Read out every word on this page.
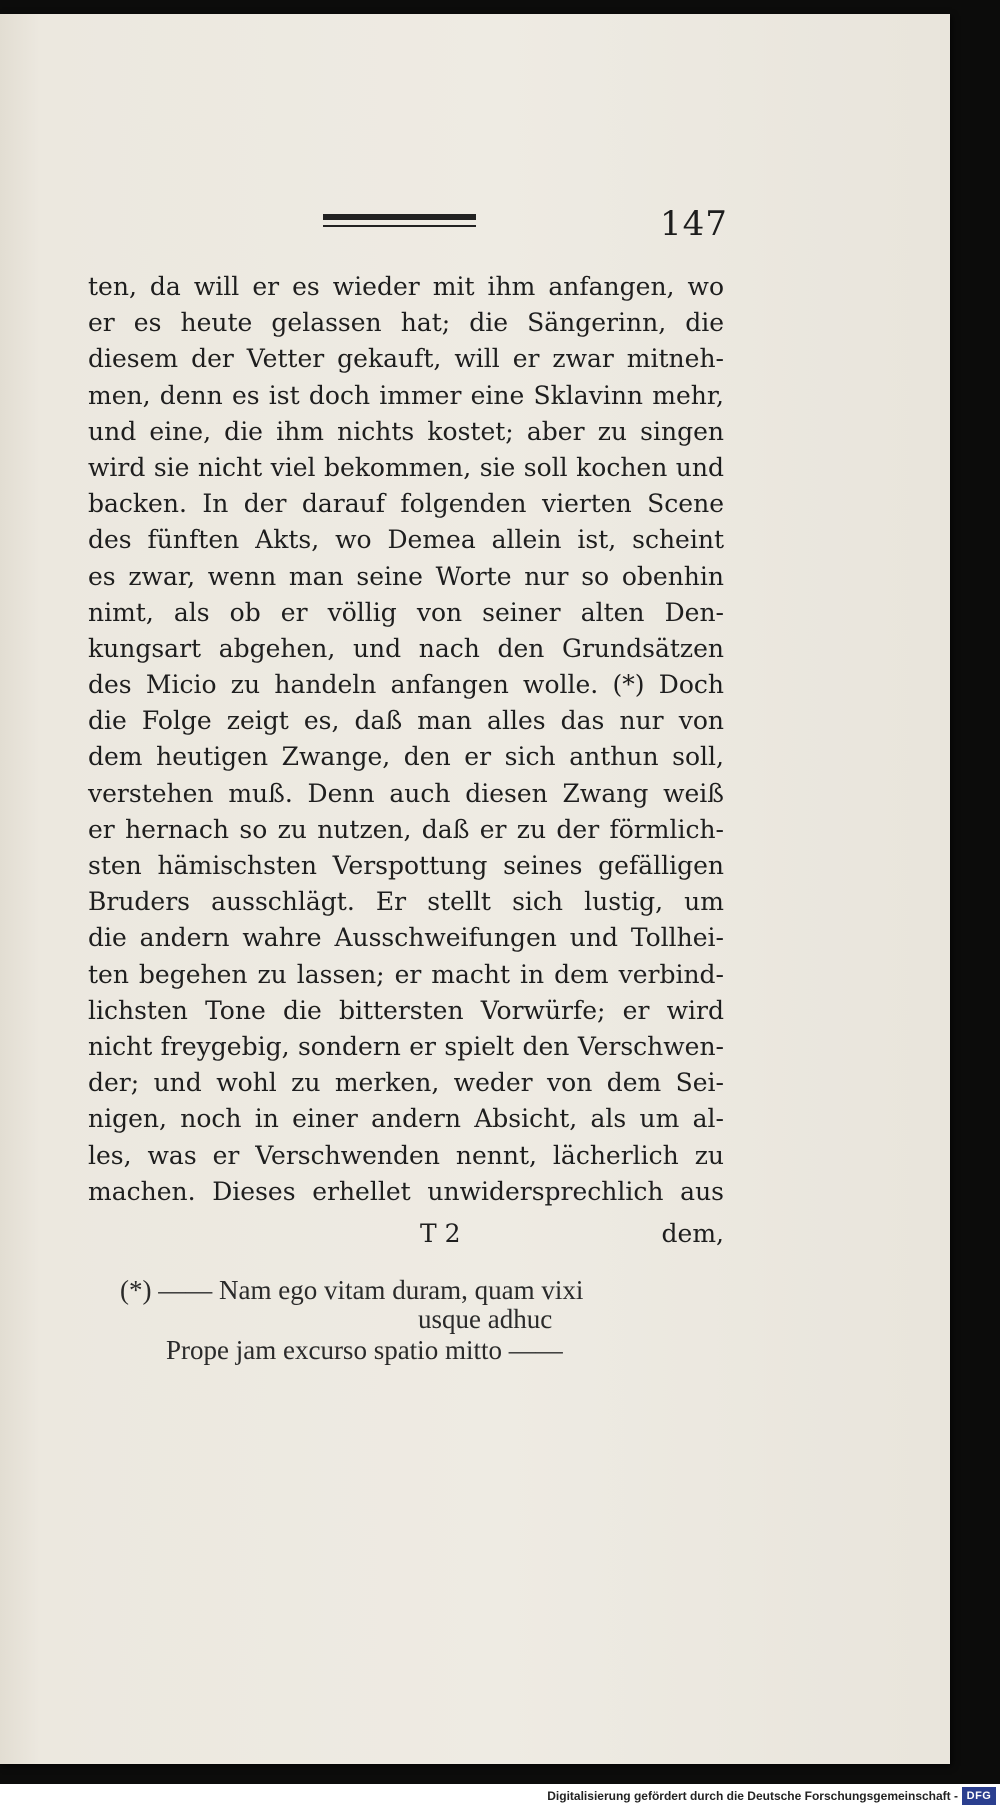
147
ten, da will er es wieder mit ihm anfangen, wo
er es heute gelassen hat; die Sängerinn, die
diesem der Vetter gekauft, will er zwar mitneh-
men, denn es ist doch immer eine Sklavinn mehr,
und eine, die ihm nichts kostet; aber zu singen
wird sie nicht viel bekommen, sie soll kochen und
backen. In der darauf folgenden vierten Scene
des fünften Akts, wo Demea allein ist, scheint
es zwar, wenn man seine Worte nur so obenhin
nimt, als ob er völlig von seiner alten Den-
kungsart abgehen, und nach den Grundsätzen
des Micio zu handeln anfangen wolle. (*) Doch
die Folge zeigt es, daß man alles das nur von
dem heutigen Zwange, den er sich anthun soll,
verstehen muß. Denn auch diesen Zwang weiß
er hernach so zu nutzen, daß er zu der förmlich-
sten hämischsten Verspottung seines gefälligen
Bruders ausschlägt. Er stellt sich lustig, um
die andern wahre Ausschweifungen und Tollhei-
ten begehen zu lassen; er macht in dem verbind-
lichsten Tone die bittersten Vorwürfe; er wird
nicht freygebig, sondern er spielt den Verschwen-
der; und wohl zu merken, weder von dem Sei-
nigen, noch in einer andern Absicht, als um al-
les, was er Verschwenden nennt, lächerlich zu
machen. Dieses erhellet unwidersprechlich aus
T 2	dem,
(*) —— Nam ego vitam duram, quam vixi
usque adhuc
Prope jam excurso spatio mitto ——
Digitalisierung gefördert durch die Deutsche Forschungsgemeinschaft - DFG
